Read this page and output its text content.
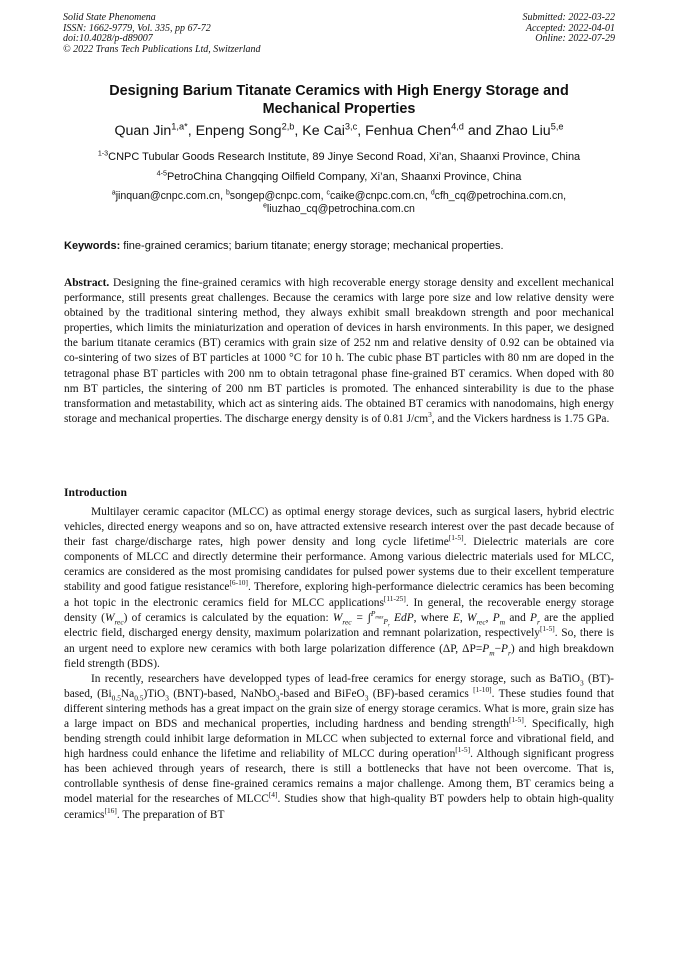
Solid State Phenomena
ISSN: 1662-9779, Vol. 335, pp 67-72
doi:10.4028/p-d89007
© 2022 Trans Tech Publications Ltd, Switzerland
Submitted: 2022-03-22
Accepted: 2022-04-01
Online: 2022-07-29
Designing Barium Titanate Ceramics with High Energy Storage and
Mechanical Properties
Quan Jin$^{1,a*}$, Enpeng Song$^{2,b}$, Ke Cai$^{3,c}$, Fenhua Chen$^{4,d}$ and Zhao Liu$^{5,e}$
$^{1-3}$CNPC Tubular Goods Research Institute, 89 Jinye Second Road, Xi’an, Shaanxi Province, China
$^{4-5}$PetroChina Changqing Oilfield Company, Xi’an, Shaanxi Province, China
$^a$jinquan@cnpc.com.cn, $^b$songep@cnpc.com, $^c$caike@cnpc.com.cn, $^d$cfh_cq@petrochina.com.cn,
$^e$liuzhao_cq@petrochina.com.cn
Keywords: fine-grained ceramics; barium titanate; energy storage; mechanical properties.

Abstract. Designing the fine-grained ceramics with high recoverable energy storage density and excellent mechanical performance, still presents great challenges. Because the ceramics with large pore size and low relative density were obtained by the traditional sintering method, they always exhibit small breakdown strength and poor mechanical properties, which limits the miniaturization and operation of devices in harsh environments. In this paper, we designed the barium titanate ceramics (BT) ceramics with grain size of 252 nm and relative density of 0.92 can be obtained via co-sintering of two sizes of BT particles at 1000 °C for 10 h. The cubic phase BT particles with 80 nm are doped in the tetragonal phase BT particles with 200 nm to obtain tetragonal phase fine-grained BT ceramics. When doped with 80 nm BT particles, the sintering of 200 nm BT particles is promoted. The enhanced sinterability is due to the phase transformation and metastability, which act as sintering aids. The obtained BT ceramics with nanodomains, high energy storage and mechanical properties. The discharge energy density is of 0.81 $J/cm^3$, and the Vickers hardness is 1.75 GPa.

Introduction

Multilayer ceramic capacitor (MLCC) as optimal energy storage devices, such as surgical lasers, hybrid electric vehicles, directed energy weapons and so on, have attracted extensive research interest over the past decade because of their fast charge/discharge rates, high power density and long cycle lifetime[1-5]. Dielectric materials are core components of MLCC and directly determine their performance. Among various dielectric materials used for MLCC, ceramics are considered as the most promising candidates for pulsed power systems due to their excellent temperature stability and good fatigue resistance[6-10]. Therefore, exploring high-performance dielectric ceramics has been becoming a hot topic in the electronic ceramics field for MLCC applications[11-25]. In general, the recoverable energy storage density $(W_{rec})$ of ceramics is calculated by the equation: $W_{rec} = \int^{P_{max}}_{P_r}$ EdP, where E, $W_{rec}$, $P_m$ and $P_r$ are the applied electric field, discharged energy density, maximum polarization and remnant polarization, respectively[1-5]. So, there is an urgent need to explore new ceramics with both large polarization difference (ΔP, $\Delta P=P_m-P_r$) and high breakdown field strength (BDS).

In recently, researchers have developped types of lead-free ceramics for energy storage, such as BaTiO$_3$ (BT)-based, $(Bi_{0.5}Na_{0.5})TiO_3$ (BNT)-based, NaNbO$_3$-based and BiFeO$_3$ (BF)-based ceramics [1-10]. These studies found that different sintering methods has a great impact on the grain size of energy storage ceramics. What is more, grain size has a large impact on BDS and mechanical properties, including hardness and bending strength[1-5]. Specifically, high bending strength could inhibit large deformation in MLCC when subjected to external force and vibrational field, and high hardness could enhance the lifetime and reliability of MLCC during operation[1-5]. Although significant progress has been achieved through years of research, there is still a bottlenecks that have not been overcome. That is, controllable synthesis of dense fine-grained ceramics remains a major challenge. Among them, BT ceramics being a model material for the researches of MLCC[4]. Studies show that high-quality BT powders help to obtain high-quality ceramics[16]. The preparation of BT
